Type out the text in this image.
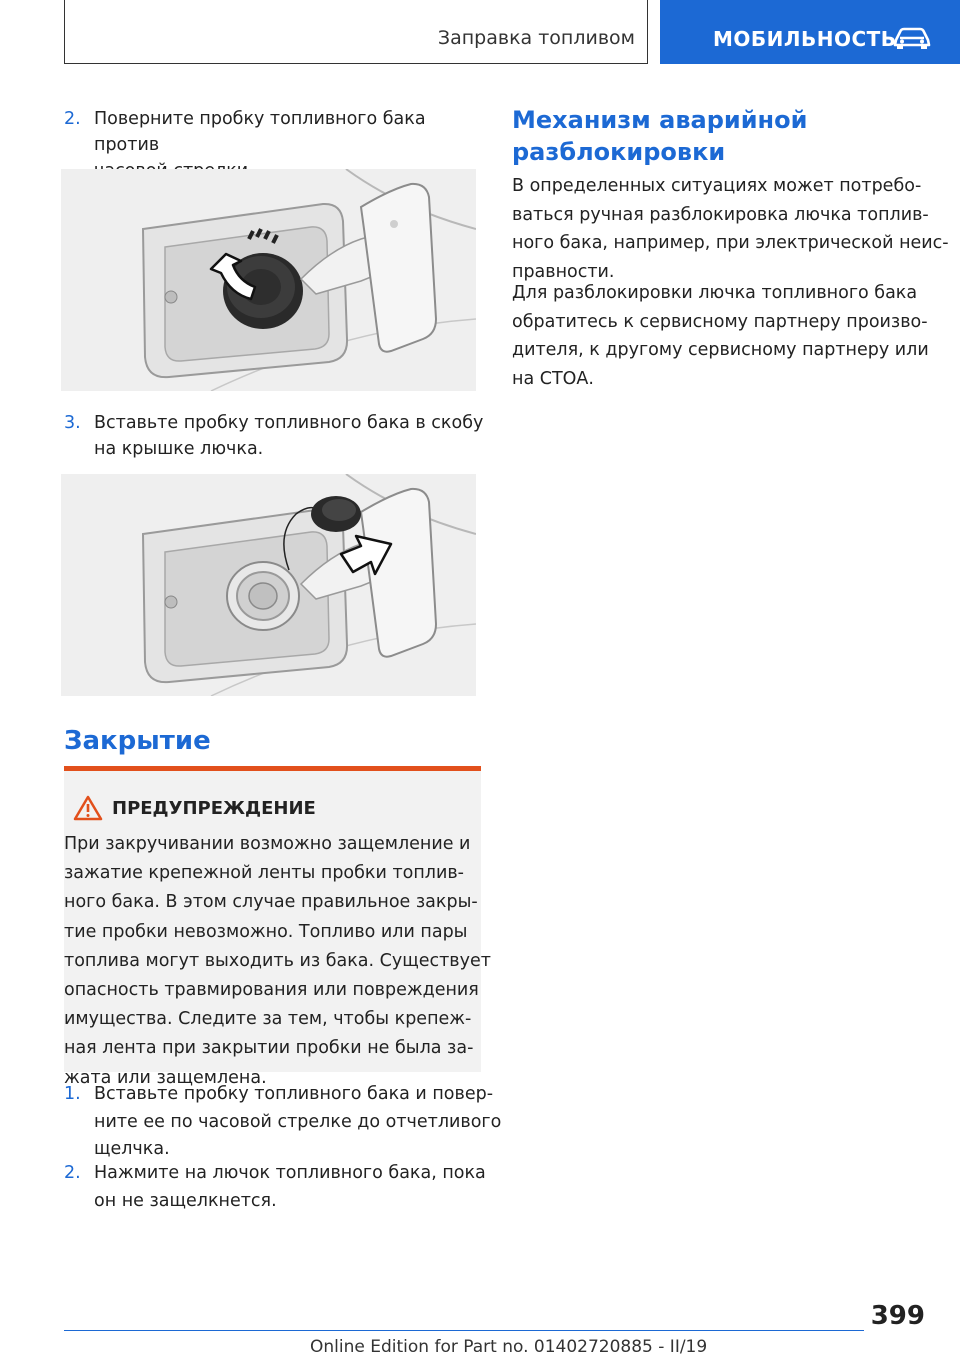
Заправка топливом	МОБИЛЬНОСТЬ
2. Поверните пробку топливного бака против
3. Вставьте пробку топливного бака в скобу
на крышке лючка.
Закрытие
ПРЕДУПРЕЖДЕНИЕ
При закручивании возможно защемление и
зажатие крепежной ленты пробки топлив-
ного бака. В этом случае правильное закры-
тие пробки невозможно. Топливо или пары
топлива могут выходить из бака. Существует
опасность травмирования или повреждения
имущества. Следите за тем, чтобы крепеж-
ная лента при закрытии пробки не была за-
жата или защемлена.
1. Вставьте пробку топливного бака и повер-
ните ее по часовой стрелке до отчетливого
щелчка.
2. Нажмите на лючок топливного бака, пока
он не защелкнется.
Механизм аварийной
разблокировки
В определенных ситуациях может потребо-
ваться ручная разблокировка лючка топлив-
ного бака, например, при электрической неис-
правности.
Для разблокировки лючка топливного бака
обратитесь к сервисному партнеру произво-
дителя, к другому сервисному партнеру или
на СТОА.
399
Online Edition for Part no. 01402720885 - II/19
